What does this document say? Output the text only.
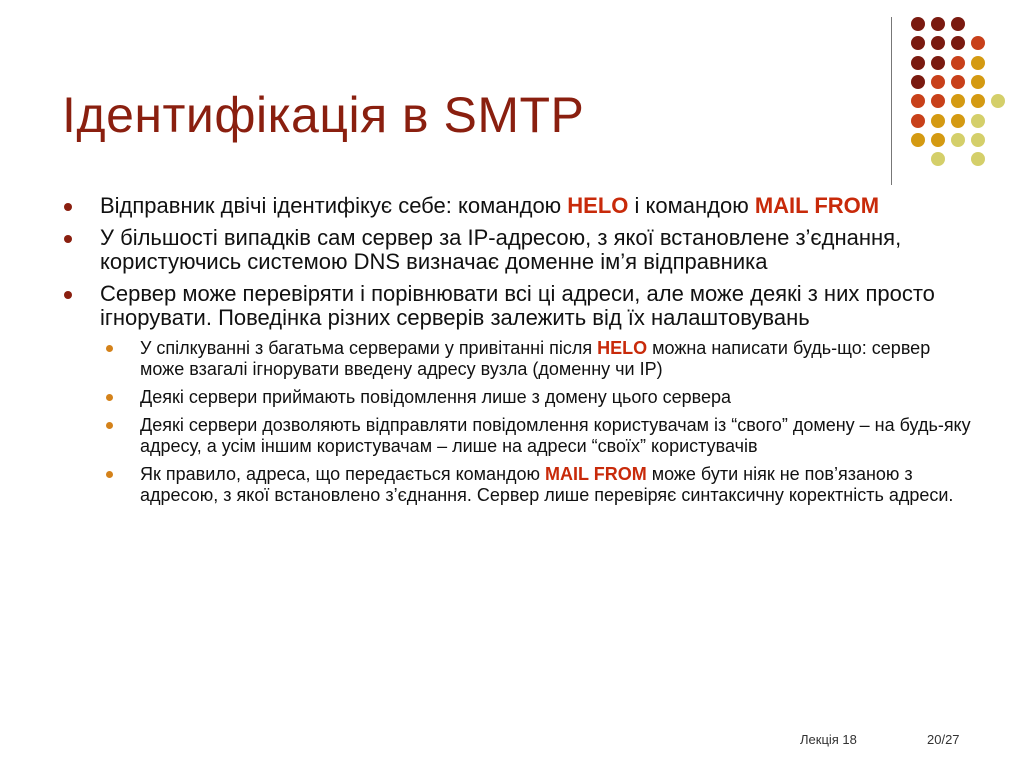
Ідентифікація в SMTP
Відправник двічі ідентифікує себе: командою HELO і командою MAIL FROM
У більшості випадків сам сервер за IP-адресою, з якої встановлене з’єднання, користуючись системою DNS визначає доменне ім’я відправника
Сервер може перевіряти і порівнювати всі ці адреси, але може деякі з них просто ігнорувати. Поведінка різних серверів залежить від їх налаштовувань
У спілкуванні з багатьма серверами у привітанні після HELO можна написати будь-що: сервер може взагалі ігнорувати введену адресу вузла (доменну чи IP)
Деякі сервери приймають повідомлення лише з домену цього сервера
Деякі сервери дозволяють відправляти повідомлення користувачам із “свого” домену – на будь-яку адресу, а усім іншим користувачам – лише на адреси “своїх” користувачів
Як правило, адреса, що передається командою MAIL FROM може бути ніяк не пов’язаною з адресою, з якої встановлено з’єднання. Сервер лише перевіряє синтаксичну коректність адреси.
Лекція 18	20/27
